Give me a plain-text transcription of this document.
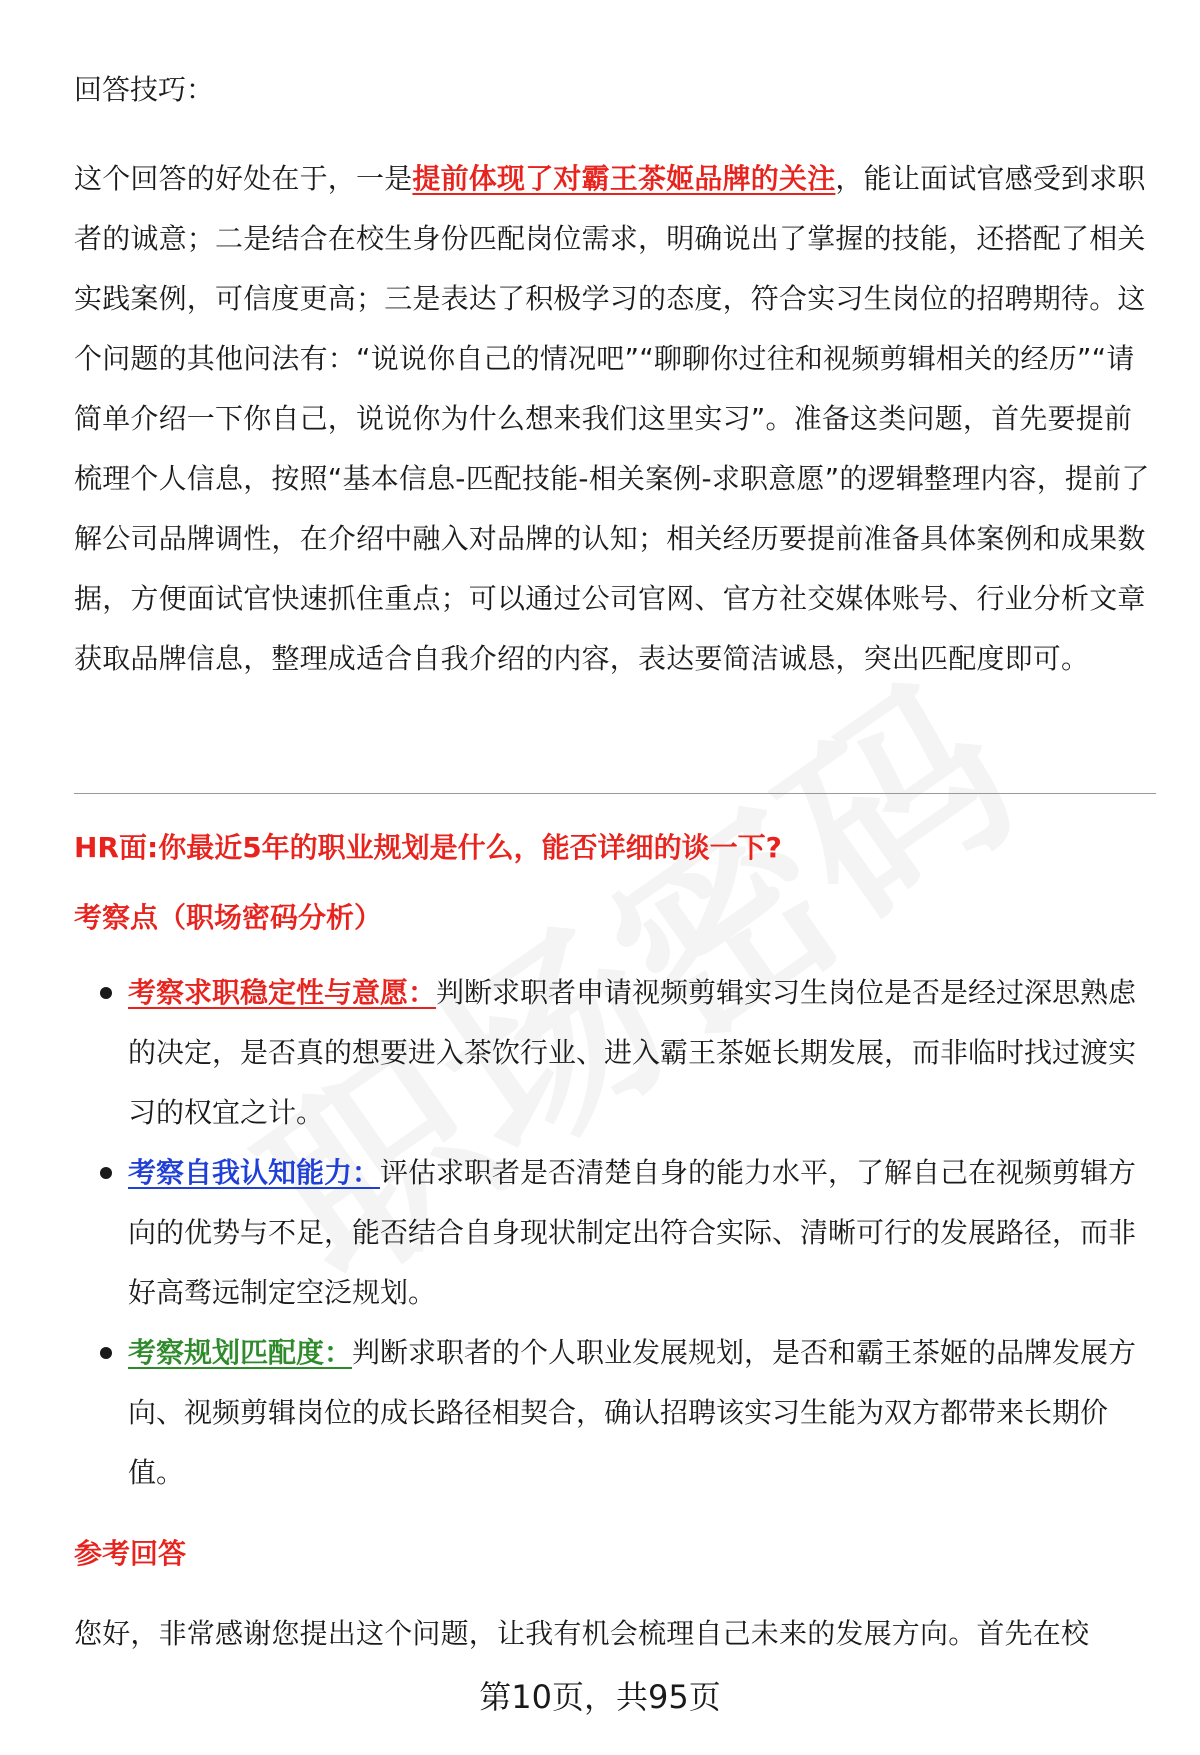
回答技巧：

这个回答的好处在于，一是提前体现了对霸王茶姬品牌的关注，能让面试官感受到求职者的诚意；二是结合在校生身份匹配岗位需求，明确说出了掌握的技能，还搭配了相关实践案例，可信度更高；三是表达了积极学习的态度，符合实习生岗位的招聘期待。这个问题的其他问法有：“说说你自己的情况吧”“聊聊你过往和视频剪辑相关的经历”“请简单介绍一下你自己，说说你为什么想来我们这里实习”。准备这类问题，首先要提前梳理个人信息，按照“基本信息-匹配技能-相关案例-求职意愿”的逻辑整理内容，提前了解公司品牌调性，在介绍中融入对品牌的认知；相关经历要提前准备具体案例和成果数据，方便面试官快速抓住重点；可以通过公司官网、官方社交媒体账号、行业分析文章获取品牌信息，整理成适合自我介绍的内容，表达要简洁诚恳，突出匹配度即可。

HR面:你最近5年的职业规划是什么，能否详细的谈一下?

考察点（职场密码分析）

考察求职稳定性与意愿：判断求职者申请视频剪辑实习生岗位是否是经过深思熟虑的决定，是否真的想要进入茶饮行业、进入霸王茶姬长期发展，而非临时找过渡实习的权宜之计。
考察自我认知能力：评估求职者是否清楚自身的能力水平，了解自己在视频剪辑方向的优势与不足，能否结合自身现状制定出符合实际、清晰可行的发展路径，而非好高骛远制定空泛规划。
考察规划匹配度：判断求职者的个人职业发展规划，是否和霸王茶姬的品牌发展方向、视频剪辑岗位的成长路径相契合，确认招聘该实习生能为双方都带来长期价值。

参考回答

您好，非常感谢您提出这个问题，让我有机会梳理自己未来的发展方向。首先在校

第10页，共95页
